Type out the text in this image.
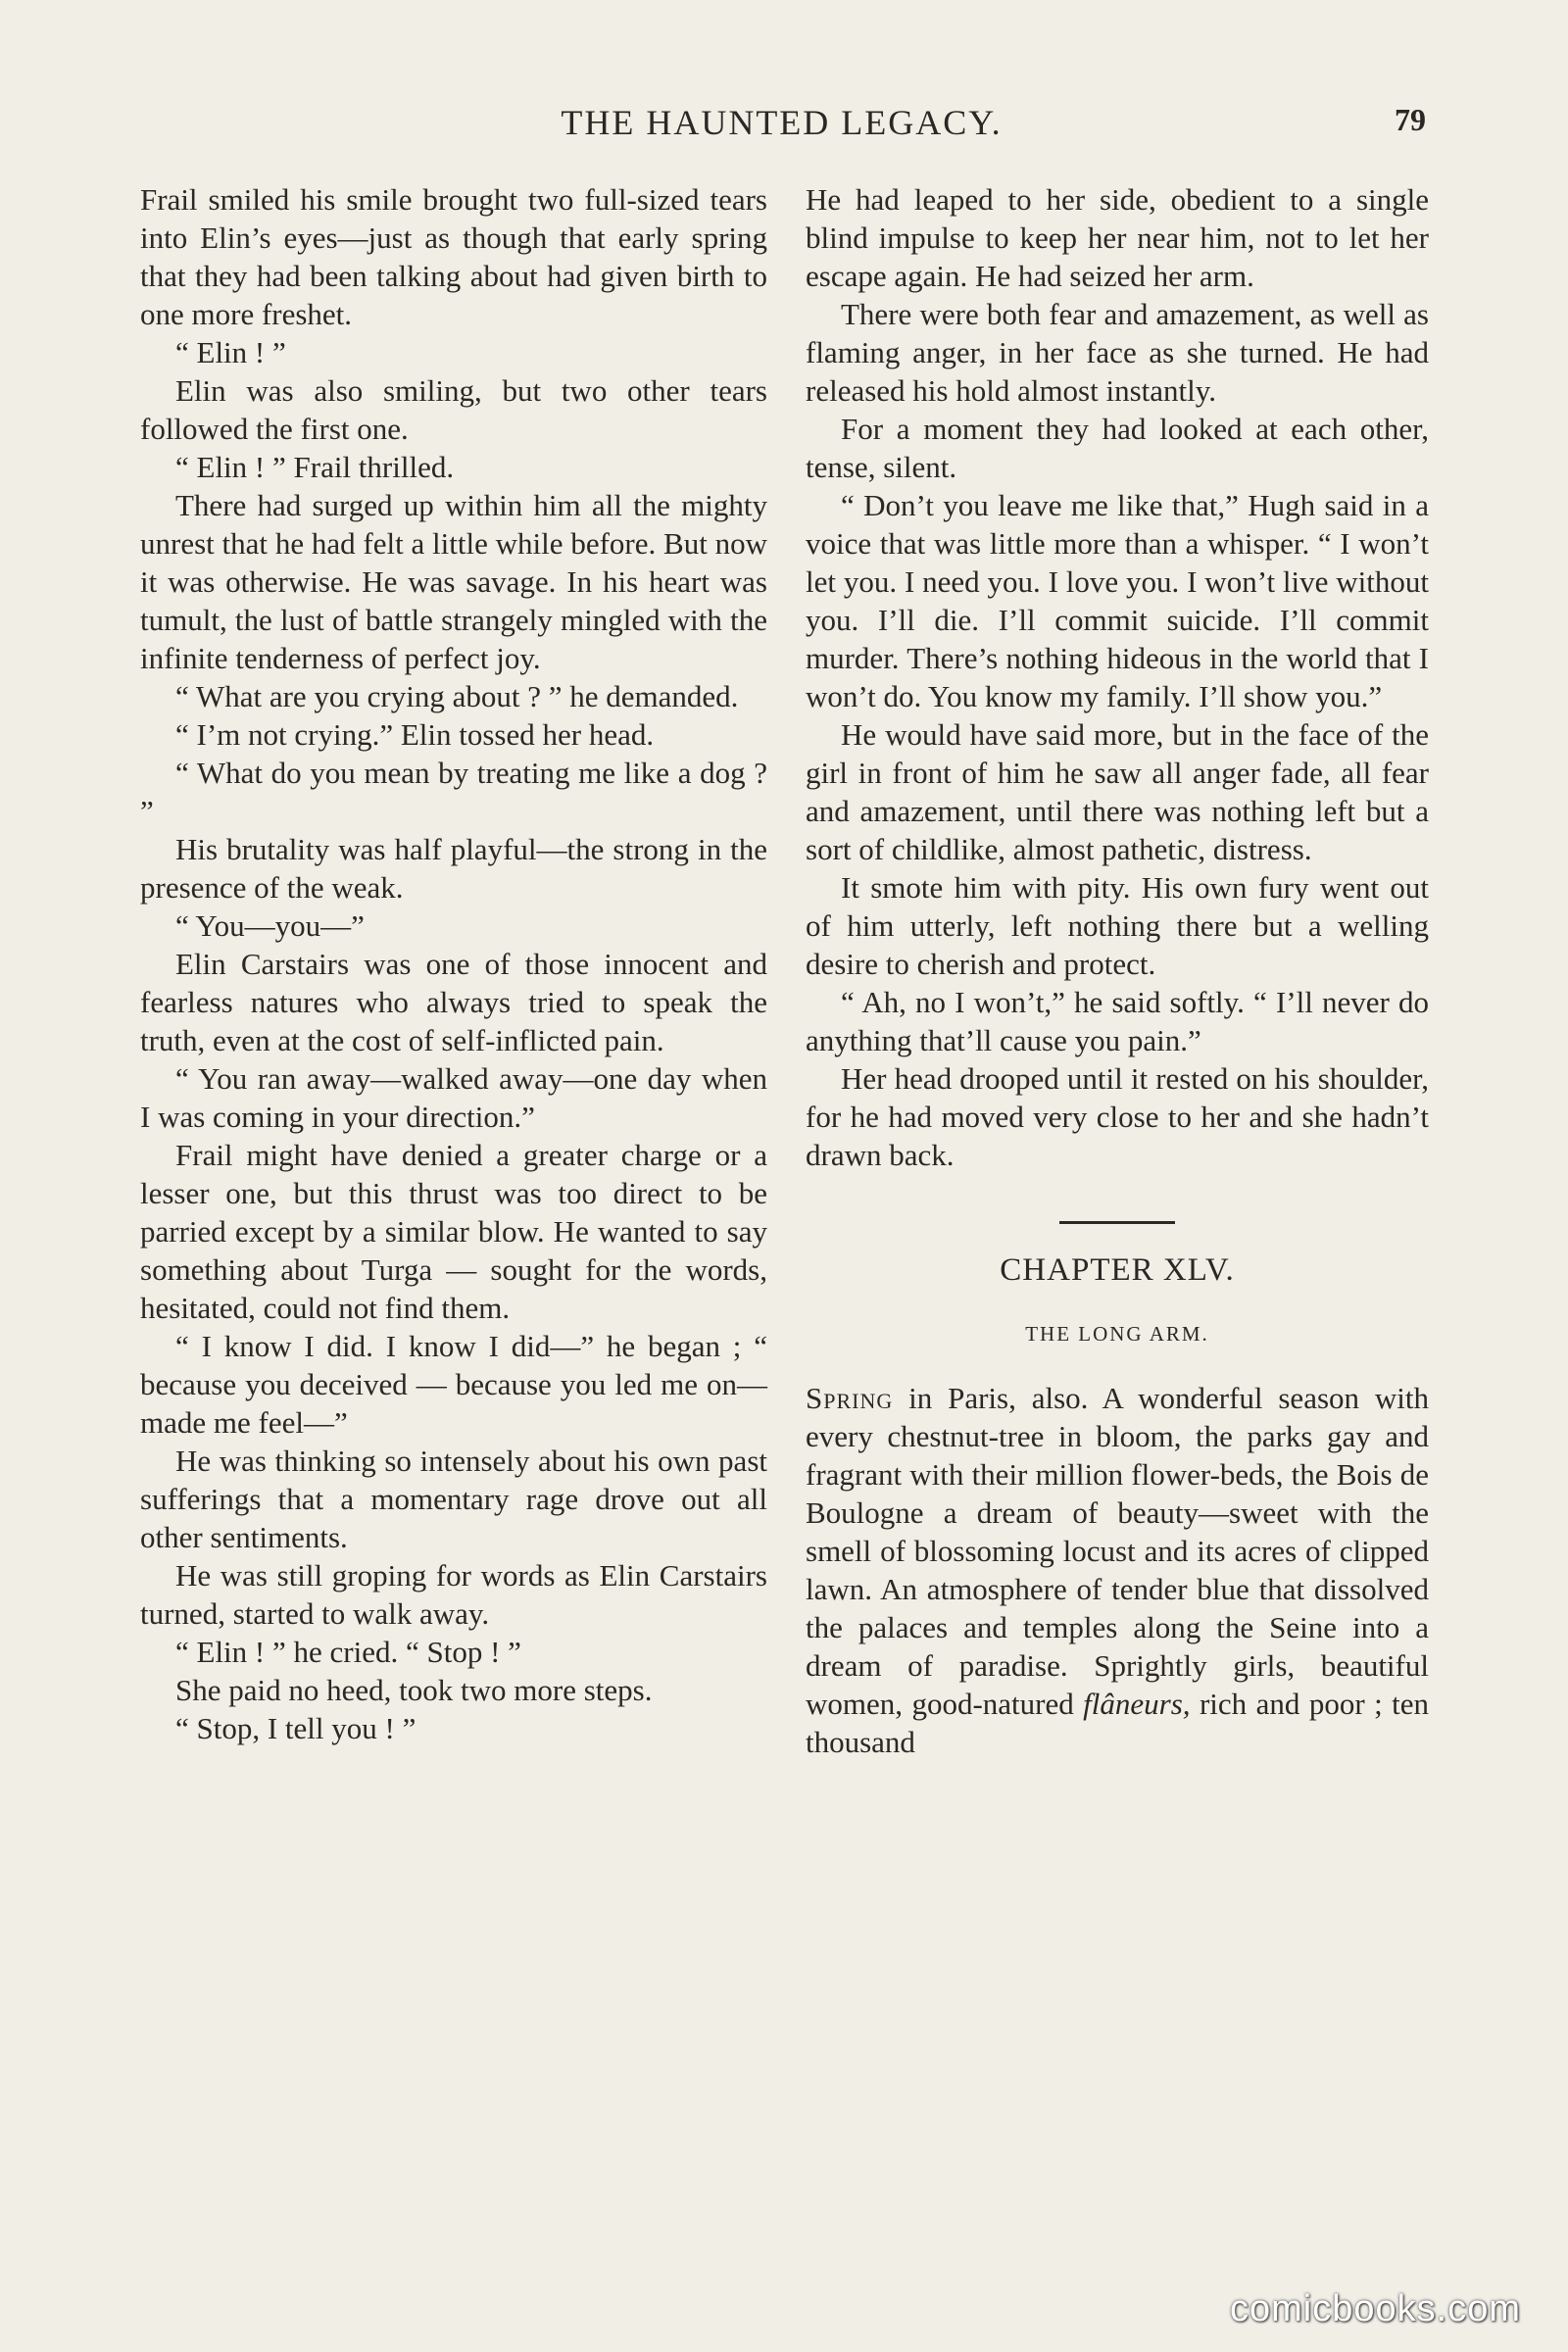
THE HAUNTED LEGACY.	79

Frail smiled his smile brought two full-sized tears into Elin’s eyes—just as though that early spring that they had been talking about had given birth to one more freshet.

“ Elin ! ”

Elin was also smiling, but two other tears followed the first one.

“ Elin ! ” Frail thrilled.

There had surged up within him all the mighty unrest that he had felt a little while before. But now it was otherwise. He was savage. In his heart was tumult, the lust of battle strangely mingled with the infinite tenderness of perfect joy.

“ What are you crying about ? ” he demanded.

“ I’m not crying.” Elin tossed her head.

“ What do you mean by treating me like a dog ? ”

His brutality was half playful—the strong in the presence of the weak.

“ You—you—”

Elin Carstairs was one of those innocent and fearless natures who always tried to speak the truth, even at the cost of self-inflicted pain.

“ You ran away—walked away—one day when I was coming in your direction.”

Frail might have denied a greater charge or a lesser one, but this thrust was too direct to be parried except by a similar blow. He wanted to say something about Turga — sought for the words, hesitated, could not find them.

“ I know I did. I know I did—” he began ; “ because you deceived — because you led me on—made me feel—”

He was thinking so intensely about his own past sufferings that a momentary rage drove out all other sentiments.

He was still groping for words as Elin Carstairs turned, started to walk away.

“ Elin ! ” he cried. “ Stop ! ”

She paid no heed, took two more steps.

“ Stop, I tell you ! ”

He had leaped to her side, obedient to a single blind impulse to keep her near him, not to let her escape again. He had seized her arm.

There were both fear and amazement, as well as flaming anger, in her face as she turned. He had released his hold almost instantly.

For a moment they had looked at each other, tense, silent.

“ Don’t you leave me like that,” Hugh said in a voice that was little more than a whisper. “ I won’t let you. I need you. I love you. I won’t live without you. I’ll die. I’ll commit suicide. I’ll commit murder. There’s nothing hideous in the world that I won’t do. You know my family. I’ll show you.”

He would have said more, but in the face of the girl in front of him he saw all anger fade, all fear and amazement, until there was nothing left but a sort of childlike, almost pathetic, distress.

It smote him with pity. His own fury went out of him utterly, left nothing there but a welling desire to cherish and protect.

“ Ah, no I won’t,” he said softly. “ I’ll never do anything that’ll cause you pain.”

Her head drooped until it rested on his shoulder, for he had moved very close to her and she hadn’t drawn back.

CHAPTER XLV.
THE LONG ARM.

Spring in Paris, also. A wonderful season with every chestnut-tree in bloom, the parks gay and fragrant with their million flower-beds, the Bois de Boulogne a dream of beauty—sweet with the smell of blossoming locust and its acres of clipped lawn. An atmosphere of tender blue that dissolved the palaces and temples along the Seine into a dream of paradise. Sprightly girls, beautiful women, good-natured flâneurs, rich and poor ; ten thousand

comicbooks.com
